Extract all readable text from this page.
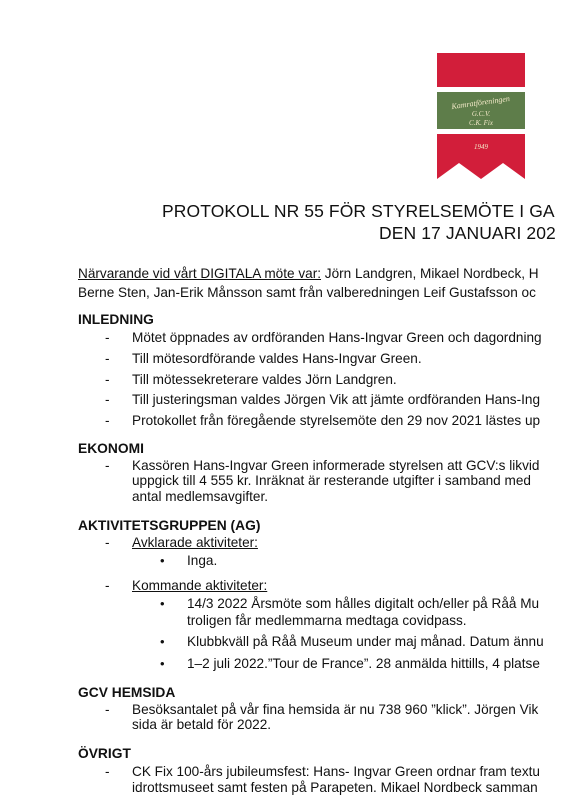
Kamratföreningen
G.C.V.
C.K. Fix
1949
PROTOKOLL NR 55 FÖR STYRELSEMÖTE I GA
DEN 17 JANUARI 202
Närvarande vid vårt DIGITALA möte var: Jörn Landgren, Mikael Nordbeck, H
Berne Sten, Jan-Erik Månsson samt från valberedningen Leif Gustafsson oc
INLEDNING
- Mötet öppnades av ordföranden Hans-Ingvar Green och dagordning
- Till mötesordförande valdes Hans-Ingvar Green.
- Till mötessekreterare valdes Jörn Landgren.
- Till justeringsman valdes Jörgen Vik att jämte ordföranden Hans-Ing
- Protokollet från föregående styrelsemöte den 29 nov 2021 lästes up
EKONOMI
- Kassören Hans-Ingvar Green informerade styrelsen att GCV:s likvid
uppgick till 4 555 kr. Inräknat är resterande utgifter i samband med
antal medlemsavgifter.
AKTIVITETSGRUPPEN (AG)
- Avklarade aktiviteter:
• Inga.
- Kommande aktiviteter:
• 14/3 2022 Årsmöte som hålles digitalt och/eller på Råå Mu
troligen får medlemmarna medtaga covidpass.
• Klubbkväll på Råå Museum under maj månad. Datum ännu
• 1–2 juli 2022.”Tour de France”. 28 anmälda hittills, 4 platse
GCV HEMSIDA
- Besöksantalet på vår fina hemsida är nu 738 960 ”klick”. Jörgen Vik
sida är betald för 2022.
ÖVRIGT
- CK Fix 100-års jubileumsfest: Hans- Ingvar Green ordnar fram textu
idrottsmuseet samt festen på Parapeten. Mikael Nordbeck samman
